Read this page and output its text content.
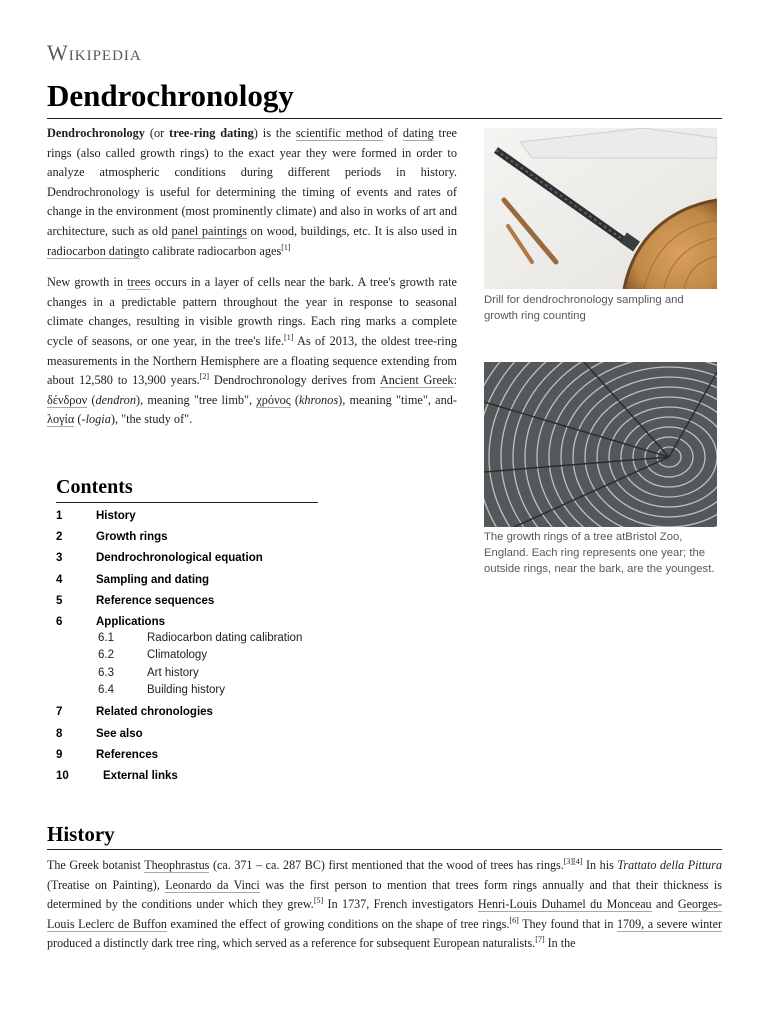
Wikipedia
Dendrochronology

Dendrochronology (or tree-ring dating) is the scientific method of dating tree rings (also called growth rings) to the exact year they were formed in order to analyze atmospheric conditions during different periods in history. Dendrochronology is useful for determining the timing of events and rates of change in the environment (most prominently climate) and also in works of art and architecture, such as old panel paintings on wood, buildings, etc. It is also used in radiocarbon datingto calibrate radiocarbon ages[1]

New growth in trees occurs in a layer of cells near the bark. A tree's growth rate changes in a predictable pattern throughout the year in response to seasonal climate changes, resulting in visible growth rings. Each ring marks a complete cycle of seasons, or one year, in the tree's life.[1] As of 2013, the oldest tree-ring measurements in the Northern Hemisphere are a floating sequence extending from about 12,580 to 13,900 years.[2] Dendrochronology derives from Ancient Greek: δένδρον (dendron), meaning "tree limb", χρόνος (khronos), meaning "time", and-λογία (-logia), "the study of".

Drill for dendrochronology sampling and growth ring counting
The growth rings of a tree atBristol Zoo, England. Each ring represents one year; the outside rings, near the bark, are the youngest.
Contents
1	History
2	Growth rings
3	Dendrochronological equation
4	Sampling and dating
5	Reference sequences
6	Applications
6.1	Radiocarbon dating calibration
6.2	Climatology
6.3	Art history
6.4	Building history
7	Related chronologies
8	See also
9	References
10	External links
History
The Greek botanist Theophrastus (ca. 371 – ca. 287 BC) first mentioned that the wood of trees has rings.[3][4] In his Trattato della Pittura (Treatise on Painting), Leonardo da Vinci was the first person to mention that trees form rings annually and that their thickness is determined by the conditions under which they grew.[5] In 1737, French investigators Henri-Louis Duhamel du Monceau and Georges-Louis Leclerc de Buffon examined the effect of growing conditions on the shape of tree rings.[6] They found that in 1709, a severe winter produced a distinctly dark tree ring, which served as a reference for subsequent European naturalists.[7] In the
